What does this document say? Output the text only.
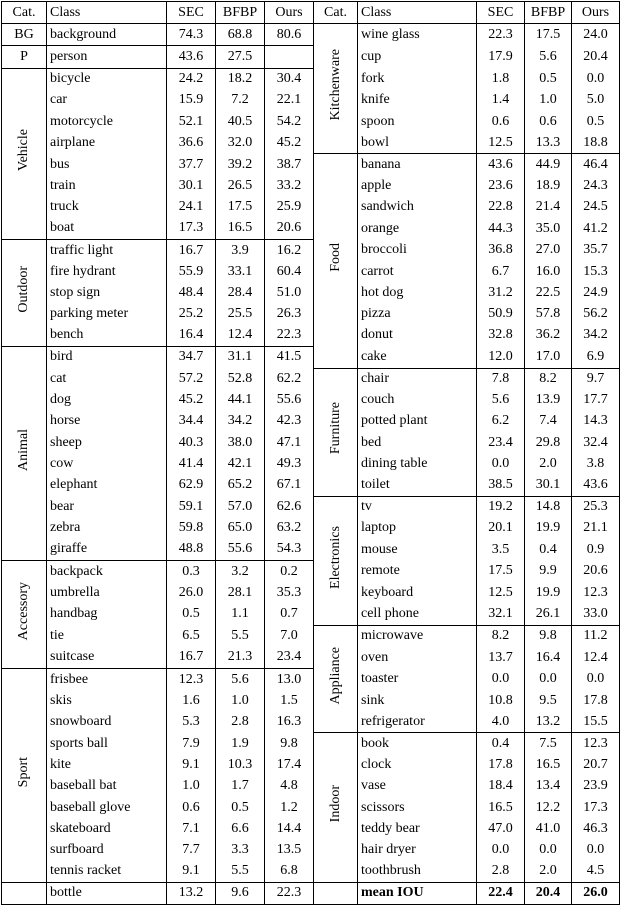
Cat.	Class	SEC	BFBP	Ours	Cat.	Class	SEC	BFBP	Ours
BG	background	74.3	68.8	80.6	Kitchenware	wine glass	22.3	17.5	24.0
P	person	43.6	27.5			cup	17.9	5.6	20.4
Vehicle	bicycle	24.2	18.2	30.4		fork	1.8	0.5	0.0
	car	15.9	7.2	22.1		knife	1.4	1.0	5.0
	motorcycle	52.1	40.5	54.2		spoon	0.6	0.6	0.5
	airplane	36.6	32.0	45.2		bowl	12.5	13.3	18.8
	bus	37.7	39.2	38.7	Food	banana	43.6	44.9	46.4
	train	30.1	26.5	33.2		apple	23.6	18.9	24.3
	truck	24.1	17.5	25.9		sandwich	22.8	21.4	24.5
	boat	17.3	16.5	20.6		orange	44.3	35.0	41.2
Outdoor	traffic light	16.7	3.9	16.2		broccoli	36.8	27.0	35.7
	fire hydrant	55.9	33.1	60.4		carrot	6.7	16.0	15.3
	stop sign	48.4	28.4	51.0		hot dog	31.2	22.5	24.9
	parking meter	25.2	25.5	26.3		pizza	50.9	57.8	56.2
	bench	16.4	12.4	22.3		donut	32.8	36.2	34.2
Animal	bird	34.7	31.1	41.5		cake	12.0	17.0	6.9
	cat	57.2	52.8	62.2	Furniture	chair	7.8	8.2	9.7
	dog	45.2	44.1	55.6		couch	5.6	13.9	17.7
	horse	34.4	34.2	42.3		potted plant	6.2	7.4	14.3
	sheep	40.3	38.0	47.1		bed	23.4	29.8	32.4
	cow	41.4	42.1	49.3		dining table	0.0	2.0	3.8
	elephant	62.9	65.2	67.1		toilet	38.5	30.1	43.6
	bear	59.1	57.0	62.6	Electronics	tv	19.2	14.8	25.3
	zebra	59.8	65.0	63.2		laptop	20.1	19.9	21.1
	giraffe	48.8	55.6	54.3		mouse	3.5	0.4	0.9
Accessory	backpack	0.3	3.2	0.2		remote	17.5	9.9	20.6
	umbrella	26.0	28.1	35.3		keyboard	12.5	19.9	12.3
	handbag	0.5	1.1	0.7		cell phone	32.1	26.1	33.0
	tie	6.5	5.5	7.0	Appliance	microwave	8.2	9.8	11.2
	suitcase	16.7	21.3	23.4		oven	13.7	16.4	12.4
Sport	frisbee	12.3	5.6	13.0		toaster	0.0	0.0	0.0
	skis	1.6	1.0	1.5		sink	10.8	9.5	17.8
	snowboard	5.3	2.8	16.3		refrigerator	4.0	13.2	15.5
	sports ball	7.9	1.9	9.8	Indoor	book	0.4	7.5	12.3
	kite	9.1	10.3	17.4		clock	17.8	16.5	20.7
	baseball bat	1.0	1.7	4.8		vase	18.4	13.4	23.9
	baseball glove	0.6	0.5	1.2		scissors	16.5	12.2	17.3
	skateboard	7.1	6.6	14.4		teddy bear	47.0	41.0	46.3
	surfboard	7.7	3.3	13.5		hair dryer	0.0	0.0	0.0
	tennis racket	9.1	5.5	6.8		toothbrush	2.8	2.0	4.5
	bottle	13.2	9.6	22.3		mean IOU	22.4	20.4	26.0
